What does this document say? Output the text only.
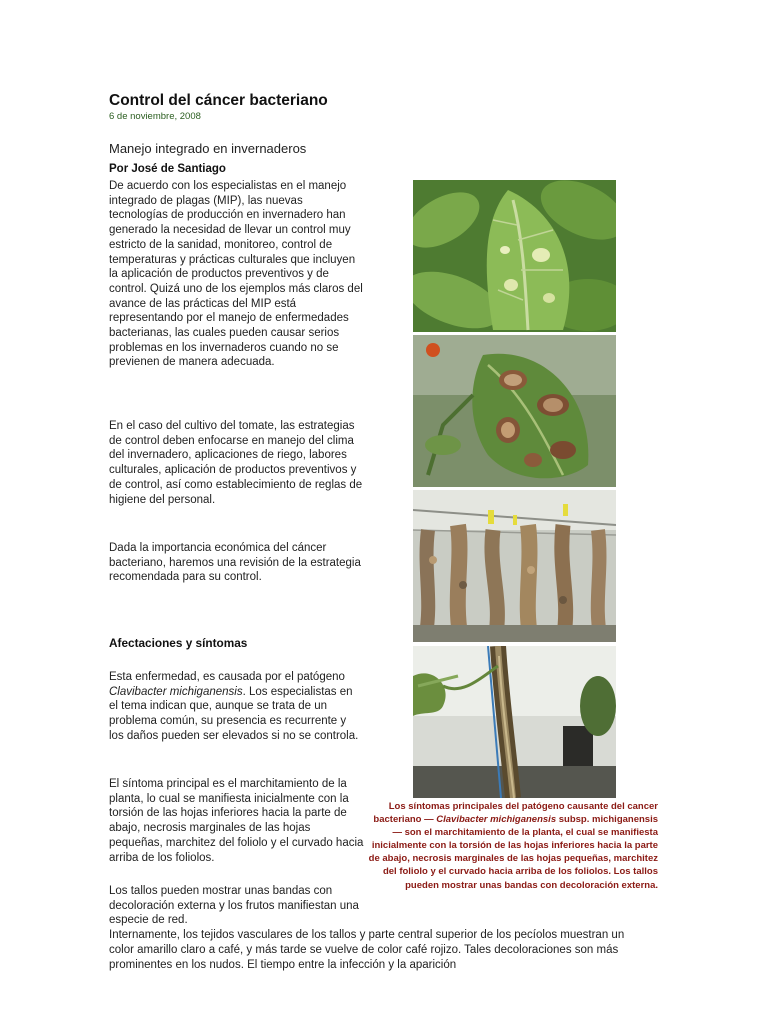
Control del cáncer bacteriano
6 de noviembre, 2008
Manejo integrado en invernaderos
Por José de Santiago

De acuerdo con los especialistas en el manejo integrado de plagas (MIP), las nuevas tecnologías de producción en invernadero han generado la necesidad de llevar un control muy estricto de la sanidad, monitoreo, control de temperaturas y prácticas culturales que incluyen la aplicación de productos preventivos y de control. Quizá uno de los ejemplos más claros del avance de las prácticas del MIP está representando por el manejo de enfermedades bacterianas, las cuales pueden causar serios problemas en los invernaderos cuando no se previenen de manera adecuada.

En el caso del cultivo del tomate, las estrategias de control deben enfocarse en manejo del clima del invernadero, aplicaciones de riego, labores culturales, aplicación de productos preventivos y de control, así como establecimiento de reglas de higiene del personal.

Dada la importancia económica del cáncer bacteriano, haremos una revisión de la estrategia recomendada para su control.

Afectaciones y síntomas

Esta enfermedad, es causada por el patógeno Clavibacter michiganensis. Los especialistas en el tema indican que, aunque se trata de un problema común, su presencia es recurrente y los daños pueden ser elevados si no se controla.

El síntoma principal es el marchitamiento de la planta, lo cual se manifiesta inicialmente con la torsión de las hojas inferiores hacia la parte de abajo, necrosis marginales de las hojas pequeñas, marchitez del foliolo y el curvado hacia arriba de los foliolos.

Los tallos pueden mostrar unas bandas con decoloración externa y los frutos manifiestan una especie de red.

Internamente, los tejidos vasculares de los tallos y parte central superior de los pecíolos muestran un color amarillo claro a café, y más tarde se vuelve de color café rojizo. Tales decoloraciones son más prominentes en los nudos. El tiempo entre la infección y la aparición
Los síntomas principales del patógeno causante del cancer bacteriano — Clavibacter michiganensis subsp. michiganensis— son el marchitamiento de la planta, el cual se manifiesta inicialmente con la torsión de las hojas inferiores hacia la parte de abajo, necrosis marginales de las hojas pequeñas, marchitez del foliolo y el curvado hacia arriba de los foliolos. Los tallos pueden mostrar unas bandas con decoloración externa.
